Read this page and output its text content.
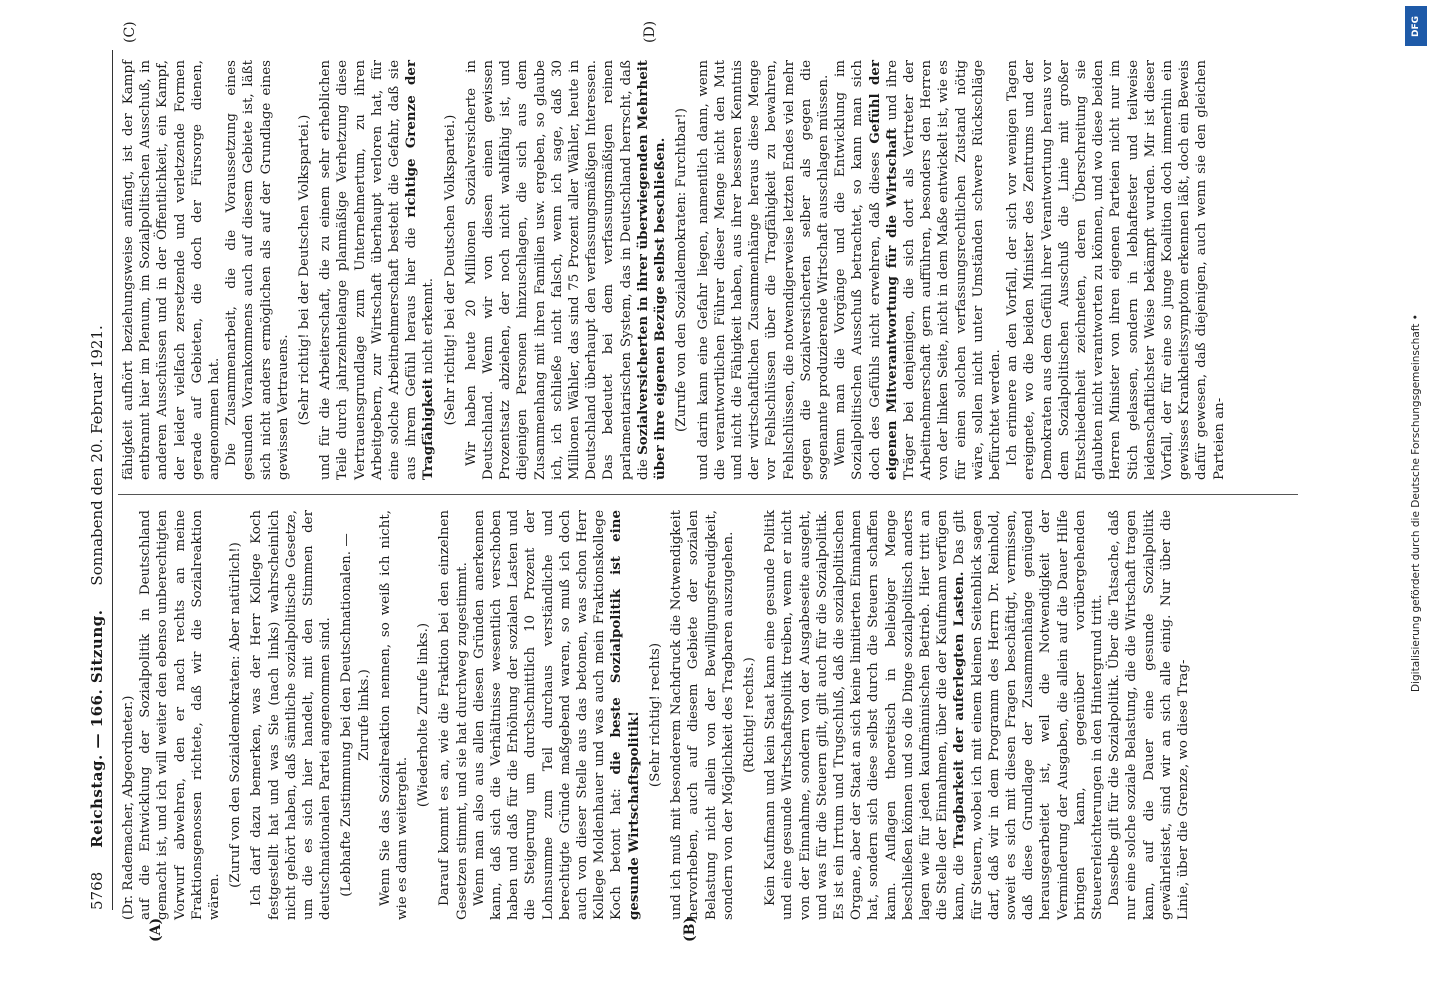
5768
Reichstag. — 166. Sitzung.
Sonnabend den 20. Februar 1921.
(A)	(B)
(C)	(D)

(Dr. Rademacher, Abgeordneter.) auf die Entwicklung der Sozialpolitik in Deutschland gemacht ist, und ich will weiter den ebenso unberechtigten Vorwurf abwehren, den er nach rechts an meine Fraktionsgenossen richtete, daß wir die Sozialreaktion wären.

(Zuruf von den Sozialdemokraten: Aber natürlich!) Ich darf dazu bemerken, was der Herr Kollege Koch festgestellt hat und was Sie (nach links) wahrscheinlich nicht gehört haben, daß sämtliche sozialpolitische Gesetze, um die es sich hier handelt, mit den Stimmen der deutschnationalen Partei angenommen sind. (Lebhafte Zustimmung bei den Deutschnationalen. — Zurufe links.) Wenn Sie das Sozialreaktion nennen, so weiß ich nicht, wie es dann weitergeht.

(Wiederholte Zurufe links.) Darauf kommt es an, wie die Fraktion bei den einzelnen Gesetzen stimmt, und sie hat durchweg zugestimmt. Wenn man also aus allen diesen Gründen anerkennen kann, daß sich die Verhältnisse wesentlich verschoben haben und daß für die Erhöhung der sozialen Lasten und die Steigerung um durchschnittlich 10 Prozent der Lohnsumme zum Teil durchaus verständliche und berechtigte Gründe maßgebend waren, so muß ich doch auch von dieser Stelle aus das betonen, was schon Herr Kollege Moldenhauer und was auch mein Fraktionskollege Koch betont hat: die beste Sozialpolitik ist eine gesunde Wirtschaftspolitik! (Sehr richtig! rechts) und ich muß mit besonderem Nachdruck die Notwendigkeit hervorheben, auch auf diesem Gebiete der sozialen Belastung nicht allein von der Bewilligungsfreudigkeit, sondern von der Möglichkeit des Tragbaren auszugehen. (Richtig! rechts.) Kein Kaufmann und kein Staat kann eine gesunde Politik und eine gesunde Wirtschaftspolitik treiben, wenn er nicht von der Einnahme, sondern von der Ausgabeseite ausgeht, und was für die Steuern gilt, gilt auch für die Sozialpolitik. Es ist ein Irrtum und Trugschluß, daß die sozialpolitischen Organe, aber der Staat an sich keine limitierten Einnahmen hat, sondern sich diese selbst durch die Steuern schaffen kann. Auflagen theoretisch in beliebiger Menge beschließen können und so die Dinge sozialpolitisch anders lagen wie für jeden kaufmännischen Betrieb. Hier tritt an die Stelle der Einnahmen, über die der Kaufmann verfügen kann, die Tragbarkeit der auferlegten Lasten. Das gilt für Steuern, wobei ich mit einem kleinen Seitenblick sagen darf, daß wir in dem Programm des Herrn Dr. Reinhold, soweit es sich mit diesen Fragen beschäftigt, vermissen, daß diese Grundlage der Zusammenhänge genügend herausgearbeitet ist, weil die Notwendigkeit der Verminderung der Ausgaben, die allein auf die Dauer Hilfe bringen kann, gegenüber vorübergehenden Steuererleichterungen in den Hintergrund tritt. Dasselbe gilt für die Sozialpolitik. Über die Tatsache, daß nur eine solche soziale Belastung, die die Wirtschaft tragen kann, auf die Dauer eine gesunde Sozialpolitik gewährleistet, sind wir an sich alle einig. Nur über die Linie, über die Grenze, wo diese Trag-

fähigkeit aufhört beziehungsweise anfängt, ist der Kampf entbrannt hier im Plenum, im Sozialpolitischen Ausschuß, in anderen Ausschüssen und in der Öffentlichkeit, ein Kampf, der leider vielfach zersetzende und verletzende Formen gerade auf Gebieten, die doch der Fürsorge dienen, angenommen hat. Die Zusammenarbeit, die die Voraussetzung eines gesunden Vorankommens auch auf diesem Gebiete ist, läßt sich nicht anders ermöglichen als auf der Grundlage eines gewissen Vertrauens. (Sehr richtig! bei der Deutschen Volkspartei.) und für die Arbeiterschaft, die zu einem sehr erheblichen Teile durch jahrzehntelange planmäßige Verhetzung diese Vertrauensgrundlage zum Unternehmertum, zu ihren Arbeitgebern, zur Wirtschaft überhaupt verloren hat, für eine solche Arbeitnehmerschaft besteht die Gefahr, daß sie aus ihrem Gefühl heraus hier die richtige Grenze der Tragfähigkeit nicht erkennt. (Sehr richtig! bei der Deutschen Volkspartei.) Wir haben heute 20 Millionen Sozialversicherte in Deutschland. Wenn wir von diesen einen gewissen Prozentsatz abziehen, der noch nicht wahlfähig ist, und diejenigen Personen hinzuschlagen, die sich aus dem Zusammenhang mit ihren Familien usw. ergeben, so glaube ich, ich schließe nicht falsch, wenn ich sage, daß 30 Millionen Wähler, das sind 75 Prozent aller Wähler, heute in Deutschland überhaupt den verfassungsmäßigen Interessen. Das bedeutet bei dem verfassungsmäßigen reinen parlamentarischen System, das in Deutschland herrscht, daß die Sozialversicherten in ihrer überwiegenden Mehrheit über ihre eigenen Bezüge selbst beschließen. (Zurufe von den Sozialdemokraten: Furchtbar!) und darin kann eine Gefahr liegen, namentlich dann, wenn die verantwortlichen Führer dieser Menge nicht den Mut und nicht die Fähigkeit haben, aus ihrer besseren Kenntnis der wirtschaftlichen Zusammenhänge heraus diese Menge vor Fehlschlüssen über die Tragfähigkeit zu bewahren, Fehlschlüssen, die notwendigerweise letzten Endes viel mehr gegen die Sozialversicherten selber als gegen die sogenannte produzierende Wirtschaft ausschlagen müssen. Wenn man die Vorgänge und die Entwicklung im Sozialpolitischen Ausschuß betrachtet, so kann man sich doch des Gefühls nicht erwehren, daß dieses Gefühl der eigenen Mitverantwortung für die Wirtschaft und ihre Träger bei denjenigen, die sich dort als Vertreter der Arbeitnehmerschaft gern aufführen, besonders den Herren von der linken Seite, nicht in dem Maße entwickelt ist, wie es für einen solchen verfassungsrechtlichen Zustand nötig wäre, sollen nicht unter Umständen schwere Rückschläge befürchtet werden. Ich erinnere an den Vorfall, der sich vor wenigen Tagen ereignete, wo die beiden Minister des Zentrums und der Demokraten aus dem Gefühl ihrer Verantwortung heraus vor dem Sozialpolitischen Ausschuß die Linie mit großer Entschiedenheit zeichneten, deren Überschreitung sie glaubten nicht verantworten zu können, und wo diese beiden Herren Minister von ihren eigenen Parteien nicht nur im Stich gelassen, sondern in lebhaftester und teilweise leidenschaftlichster Weise bekämpft wurden. Mir ist dieser Vorfall, der für eine so junge Koalition doch immerhin ein gewisses Krankheitssymptom erkennen läßt, doch ein Beweis dafür gewesen, daß diejenigen, auch wenn sie den gleichen Parteien an-

DFG
Digitalisierung gefördert durch die Deutsche Forschungsgemeinschaft •
